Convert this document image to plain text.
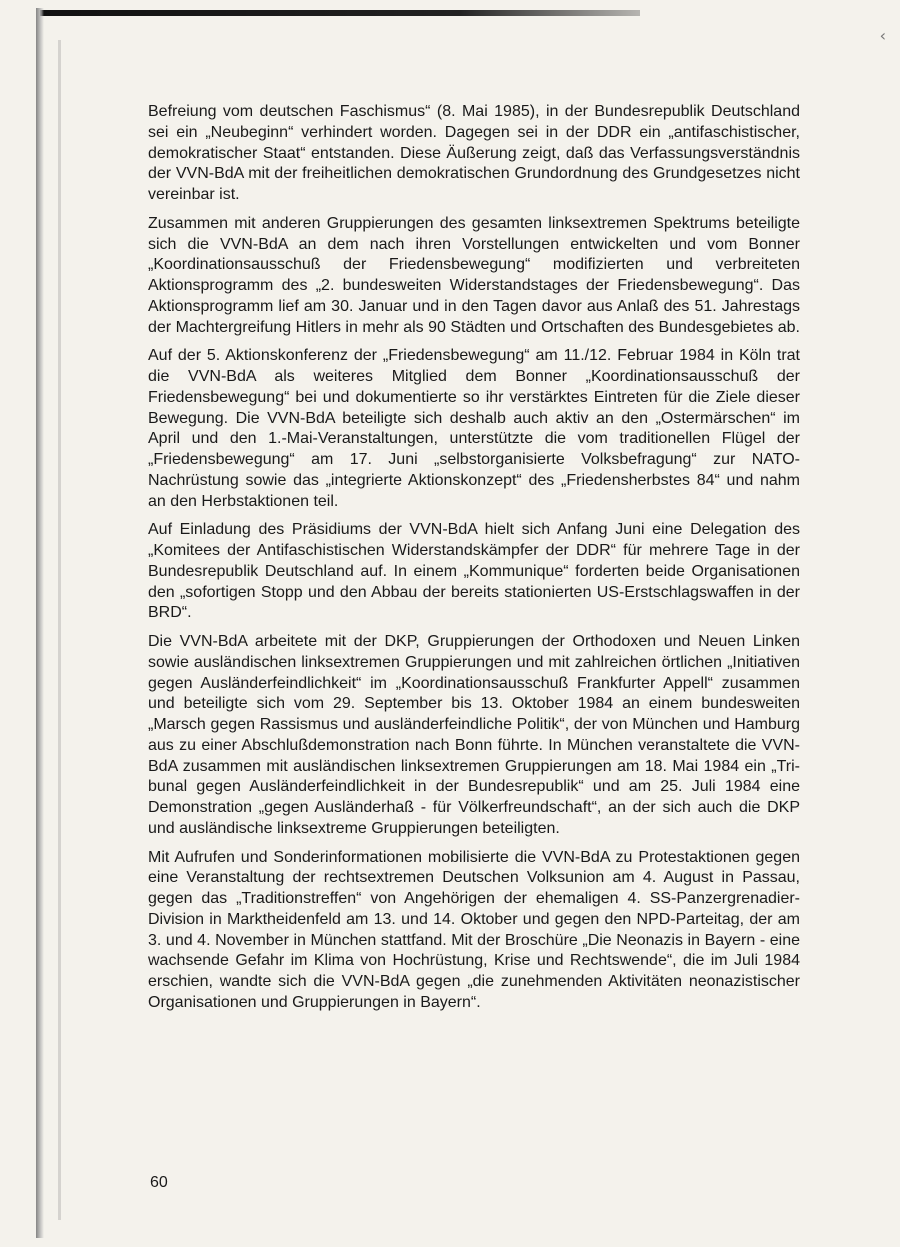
‹

Befreiung vom deutschen Faschismus“ (8. Mai 1985), in der Bundesrepublik Deutschland sei ein „Neubeginn“ verhindert worden. Dagegen sei in der DDR ein „antifaschistischer, demokratischer Staat“ entstanden. Diese Äußerung zeigt, daß das Verfassungsverständnis der VVN-BdA mit der freiheitlichen demokratischen Grundordnung des Grundgesetzes nicht vereinbar ist.

Zusammen mit anderen Gruppierungen des gesamten linksextremen Spektrums beteiligte sich die VVN-BdA an dem nach ihren Vorstellungen entwickelten und vom Bonner „Koordinationsausschuß der Friedensbewegung“ modifizierten und verbreiteten Aktionsprogramm des „2. bundesweiten Widerstandstages der Friedensbewegung“. Das Aktionsprogramm lief am 30. Januar und in den Tagen davor aus Anlaß des 51. Jahrestags der Machtergreifung Hitlers in mehr als 90 Städten und Ortschaften des Bundesgebietes ab.

Auf der 5. Aktionskonferenz der „Friedensbewegung“ am 11./12. Februar 1984 in Köln trat die VVN-BdA als weiteres Mitglied dem Bonner „Koordinationsausschuß der Friedensbewegung“ bei und dokumentierte so ihr verstärktes Eintreten für die Ziele dieser Bewegung. Die VVN-BdA beteiligte sich deshalb auch aktiv an den „Ostermärschen“ im April und den 1.-Mai-Veranstaltungen, unterstützte die vom traditionellen Flügel der „Friedensbewegung“ am 17. Juni „selbstorganisierte Volksbefragung“ zur NATO-Nachrüstung sowie das „integrierte Aktionskonzept“ des „Friedensherbstes 84“ und nahm an den Herbstaktionen teil.

Auf Einladung des Präsidiums der VVN-BdA hielt sich Anfang Juni eine Delegation des „Komitees der Antifaschistischen Widerstandskämpfer der DDR“ für mehrere Tage in der Bundesrepublik Deutschland auf. In einem „Kommunique“ forderten beide Organisationen den „sofortigen Stopp und den Abbau der bereits stationierten US-Erstschlagswaffen in der BRD“.

Die VVN-BdA arbeitete mit der DKP, Gruppierungen der Orthodoxen und Neuen Linken sowie ausländischen linksextremen Gruppierungen und mit zahlreichen örtlichen „Initiativen gegen Ausländerfeindlichkeit“ im „Koordinationsausschuß Frankfurter Appell“ zusammen und beteiligte sich vom 29. September bis 13. Oktober 1984 an einem bundesweiten „Marsch gegen Rassismus und ausländerfeindliche Politik“, der von München und Hamburg aus zu einer Abschlußdemonstration nach Bonn führte. In München veranstaltete die VVN-BdA zusammen mit ausländischen linksextremen Gruppierungen am 18. Mai 1984 ein „Tribunal gegen Ausländerfeindlichkeit in der Bundesrepublik“ und am 25. Juli 1984 eine Demonstration „gegen Ausländerhaß - für Völkerfreundschaft“, an der sich auch die DKP und ausländische linksextreme Gruppierungen beteiligten.

Mit Aufrufen und Sonderinformationen mobilisierte die VVN-BdA zu Protestaktionen gegen eine Veranstaltung der rechtsextremen Deutschen Volksunion am 4. August in Passau, gegen das „Traditionstreffen“ von Angehörigen der ehemaligen 4. SS-Panzergrenadier-Division in Marktheidenfeld am 13. und 14. Oktober und gegen den NPD-Parteitag, der am 3. und 4. November in München stattfand. Mit der Broschüre „Die Neonazis in Bayern - eine wachsende Gefahr im Klima von Hochrüstung, Krise und Rechtswende“, die im Juli 1984 erschien, wandte sich die VVN-BdA gegen „die zunehmenden Aktivitäten neonazistischer Organisationen und Gruppierungen in Bayern“.

60
